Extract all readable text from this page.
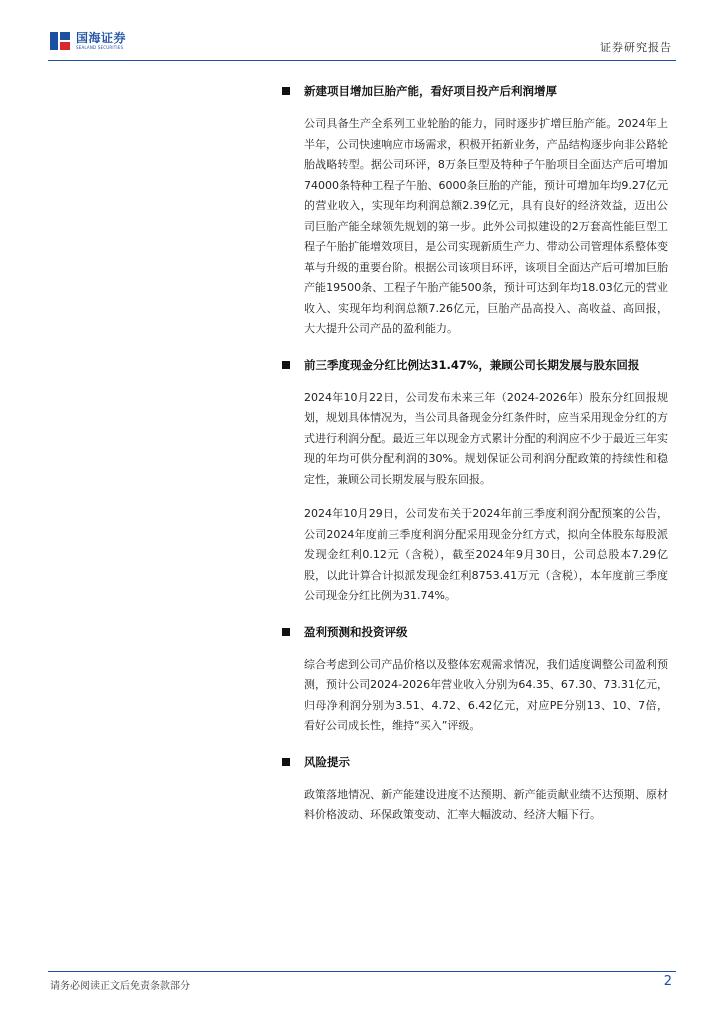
国海证券
SEALAND SECURITIES	证券研究报告
新建项目增加巨胎产能，看好项目投产后利润增厚

公司具备生产全系列工业轮胎的能力，同时逐步扩增巨胎产能。2024年上半年，公司快速响应市场需求，积极开拓新业务，产品结构逐步向非公路轮胎战略转型。据公司环评，8万条巨型及特种子午胎项目全面达产后可增加74000条特种工程子午胎、6000条巨胎的产能，预计可增加年均9.27亿元的营业收入，实现年均利润总额2.39亿元，具有良好的经济效益，迈出公司巨胎产能全球领先规划的第一步。此外公司拟建设的2万套高性能巨型工程子午胎扩能增效项目，是公司实现新质生产力、带动公司管理体系整体变革与升级的重要台阶。根据公司该项目环评，该项目全面达产后可增加巨胎产能19500条、工程子午胎产能500条，预计可达到年均18.03亿元的营业收入、实现年均利润总额7.26亿元，巨胎产品高投入、高收益、高回报，大大提升公司产品的盈利能力。

前三季度现金分红比例达31.47%，兼顾公司长期发展与股东回报

2024年10月22日，公司发布未来三年（2024-2026年）股东分红回报规划，规划具体情况为，当公司具备现金分红条件时，应当采用现金分红的方式进行利润分配。最近三年以现金方式累计分配的利润应不少于最近三年实现的年均可供分配利润的30%。规划保证公司利润分配政策的持续性和稳定性，兼顾公司长期发展与股东回报。

2024年10月29日，公司发布关于2024年前三季度利润分配预案的公告，公司2024年度前三季度利润分配采用现金分红方式，拟向全体股东每股派发现金红利0.12元（含税），截至2024年9月30日，公司总股本7.29亿股，以此计算合计拟派发现金红利8753.41万元（含税），本年度前三季度公司现金分红比例为31.74%。

盈利预测和投资评级

综合考虑到公司产品价格以及整体宏观需求情况，我们适度调整公司盈利预测，预计公司2024-2026年营业收入分别为64.35、67.30、73.31亿元，归母净利润分别为3.51、4.72、6.42亿元，对应PE分别13、10、7倍，看好公司成长性，维持“买入”评级。

风险提示

政策落地情况、新产能建设进度不达预期、新产能贡献业绩不达预期、原材料价格波动、环保政策变动、汇率大幅波动、经济大幅下行。

请务必阅读正文后免责条款部分	2
